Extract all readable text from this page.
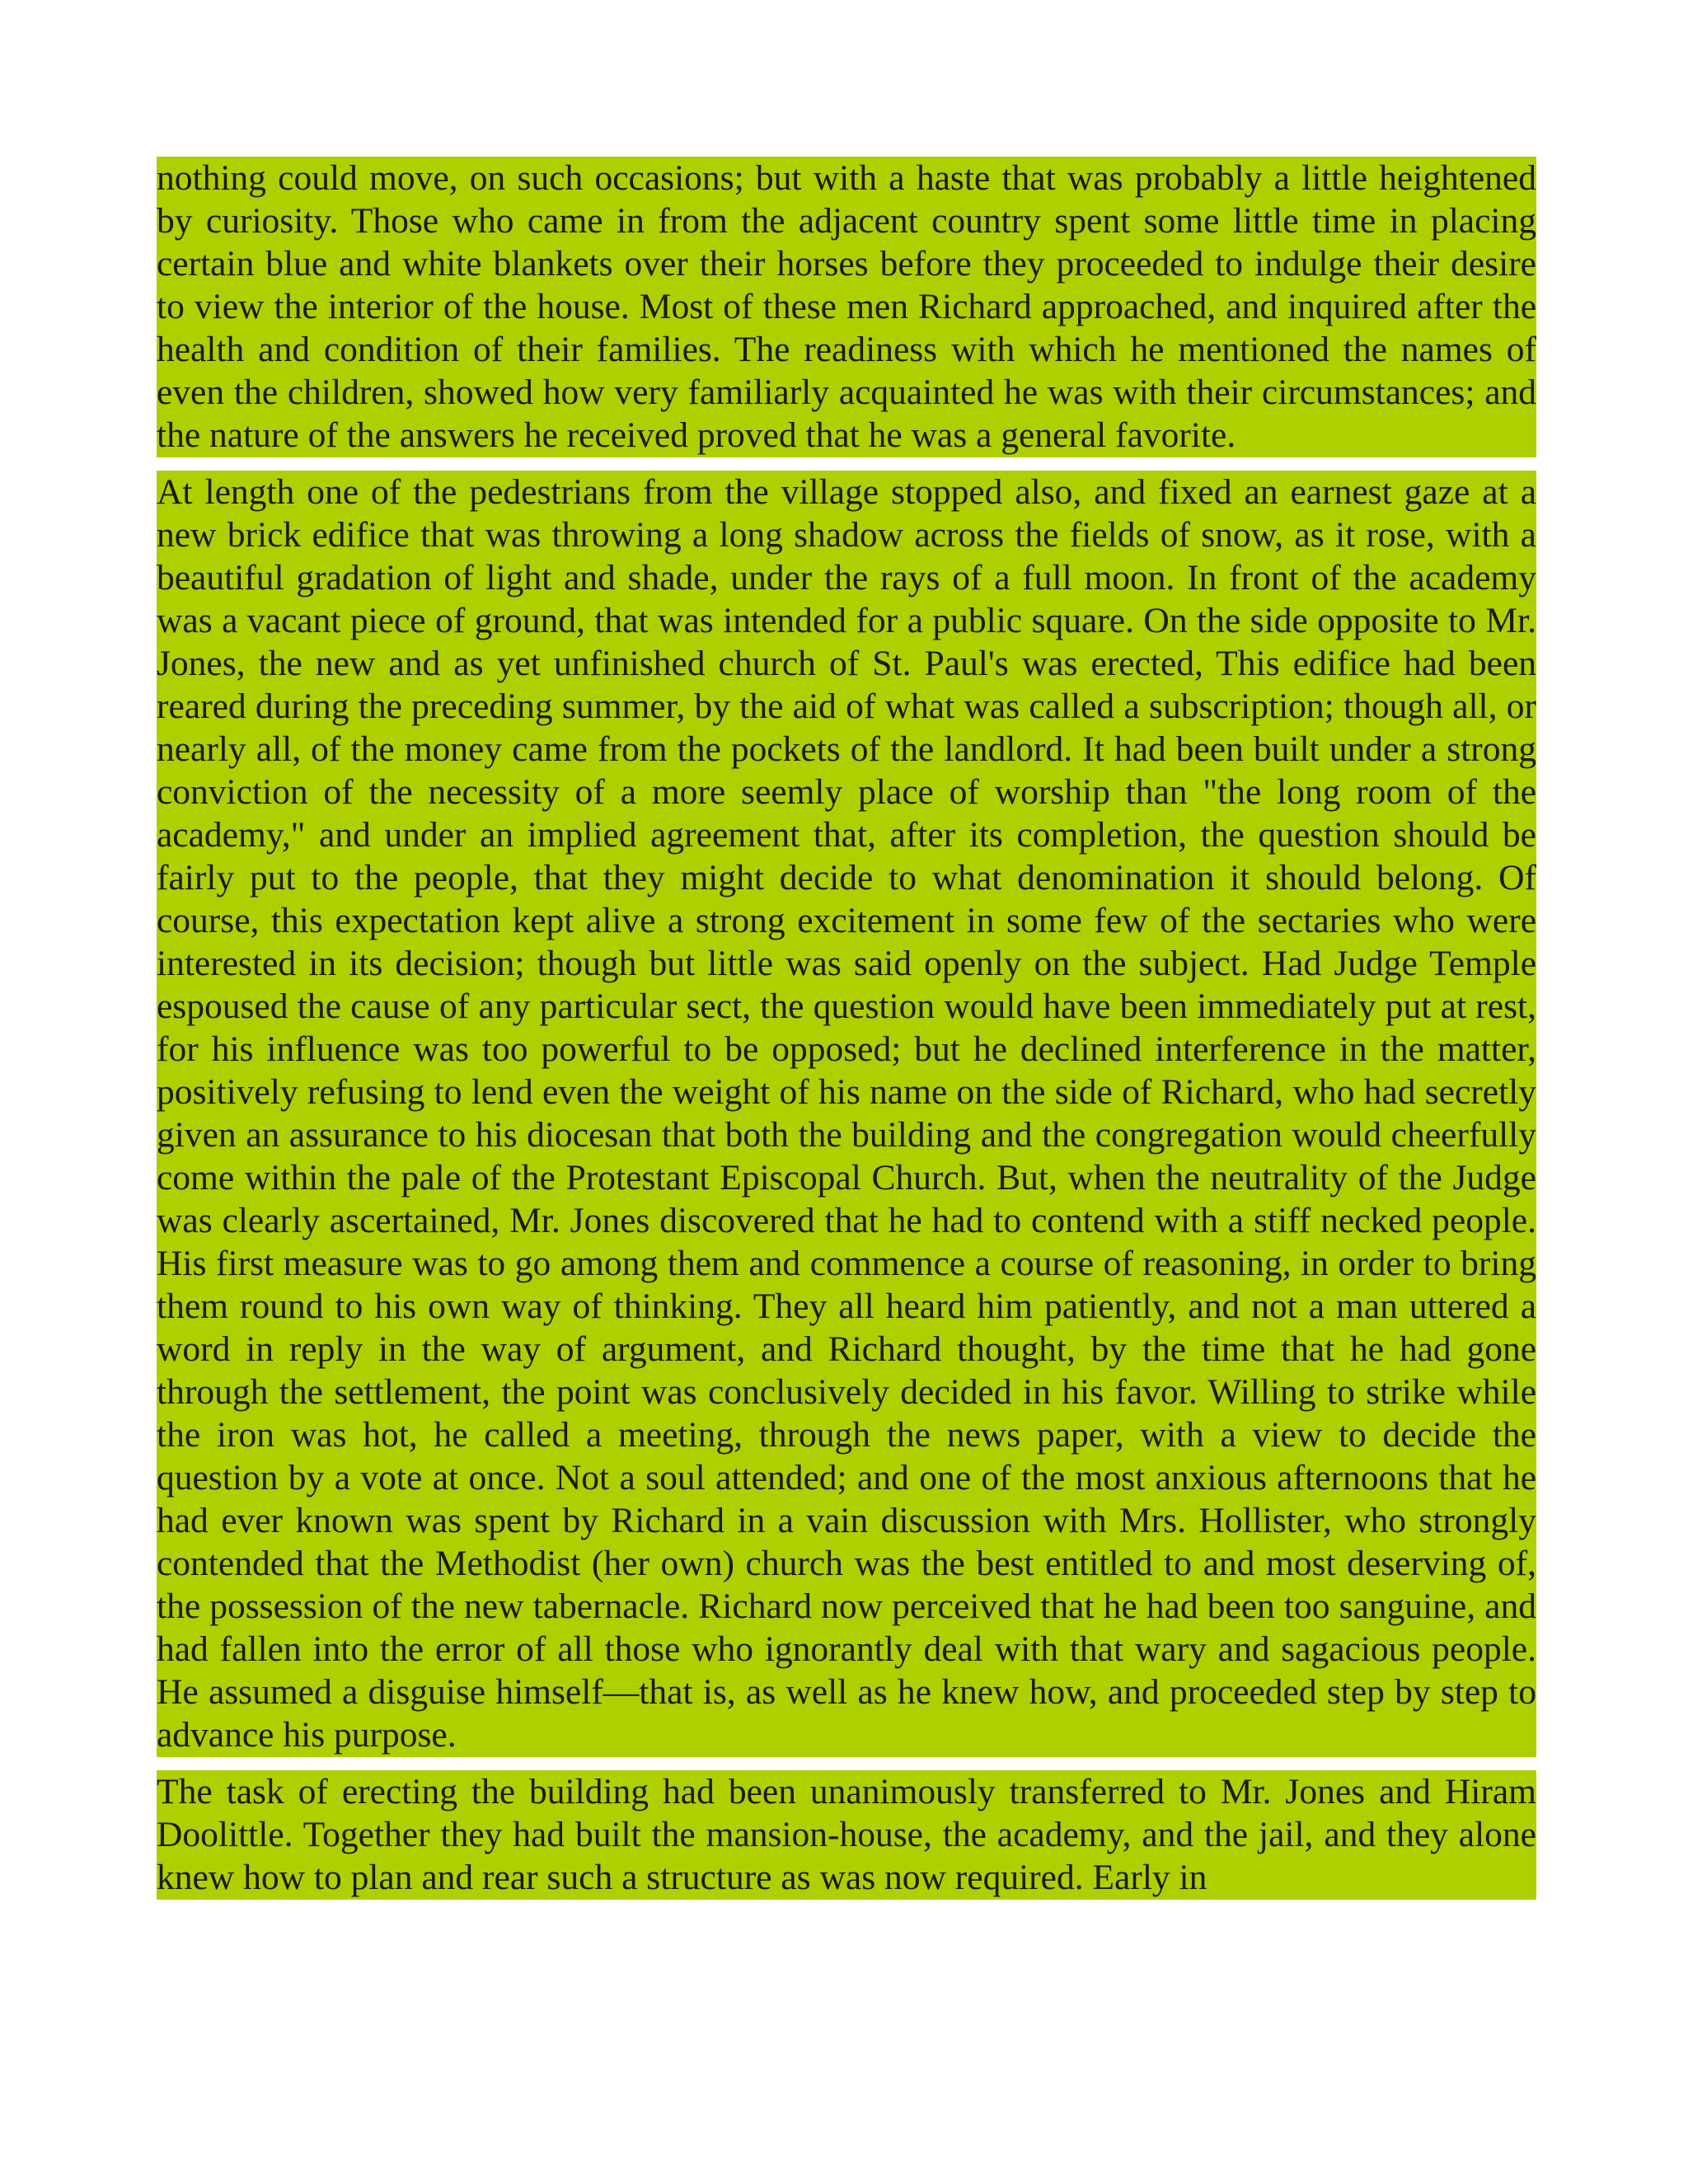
nothing could move, on such occasions; but with a haste that was probably a little heightened by curiosity. Those who came in from the adjacent country spent some little time in placing certain blue and white blankets over their horses before they proceeded to indulge their desire to view the interior of the house. Most of these men Richard approached, and inquired after the health and condition of their families. The readiness with which he mentioned the names of even the children, showed how very familiarly acquainted he was with their circumstances; and the nature of the answers he received proved that he was a general favorite.

At length one of the pedestrians from the village stopped also, and fixed an earnest gaze at a new brick edifice that was throwing a long shadow across the fields of snow, as it rose, with a beautiful gradation of light and shade, under the rays of a full moon. In front of the academy was a vacant piece of ground, that was intended for a public square. On the side opposite to Mr. Jones, the new and as yet unfinished church of St. Paul's was erected, This edifice had been reared during the preceding summer, by the aid of what was called a subscription; though all, or nearly all, of the money came from the pockets of the landlord. It had been built under a strong conviction of the necessity of a more seemly place of worship than "the long room of the academy," and under an implied agreement that, after its completion, the question should be fairly put to the people, that they might decide to what denomination it should belong. Of course, this expectation kept alive a strong excitement in some few of the sectaries who were interested in its decision; though but little was said openly on the subject. Had Judge Temple espoused the cause of any particular sect, the question would have been immediately put at rest, for his influence was too powerful to be opposed; but he declined interference in the matter, positively refusing to lend even the weight of his name on the side of Richard, who had secretly given an assurance to his diocesan that both the building and the congregation would cheerfully come within the pale of the Protestant Episcopal Church. But, when the neutrality of the Judge was clearly ascertained, Mr. Jones discovered that he had to contend with a stiff necked people. His first measure was to go among them and commence a course of reasoning, in order to bring them round to his own way of thinking. They all heard him patiently, and not a man uttered a word in reply in the way of argument, and Richard thought, by the time that he had gone through the settlement, the point was conclusively decided in his favor. Willing to strike while the iron was hot, he called a meeting, through the news paper, with a view to decide the question by a vote at once. Not a soul attended; and one of the most anxious afternoons that he had ever known was spent by Richard in a vain discussion with Mrs. Hollister, who strongly contended that the Methodist (her own) church was the best entitled to and most deserving of, the possession of the new tabernacle. Richard now perceived that he had been too sanguine, and had fallen into the error of all those who ignorantly deal with that wary and sagacious people. He assumed a disguise himself—that is, as well as he knew how, and proceeded step by step to advance his purpose.

The task of erecting the building had been unanimously transferred to Mr. Jones and Hiram Doolittle. Together they had built the mansion-house, the academy, and the jail, and they alone knew how to plan and rear such a structure as was now required. Early in
